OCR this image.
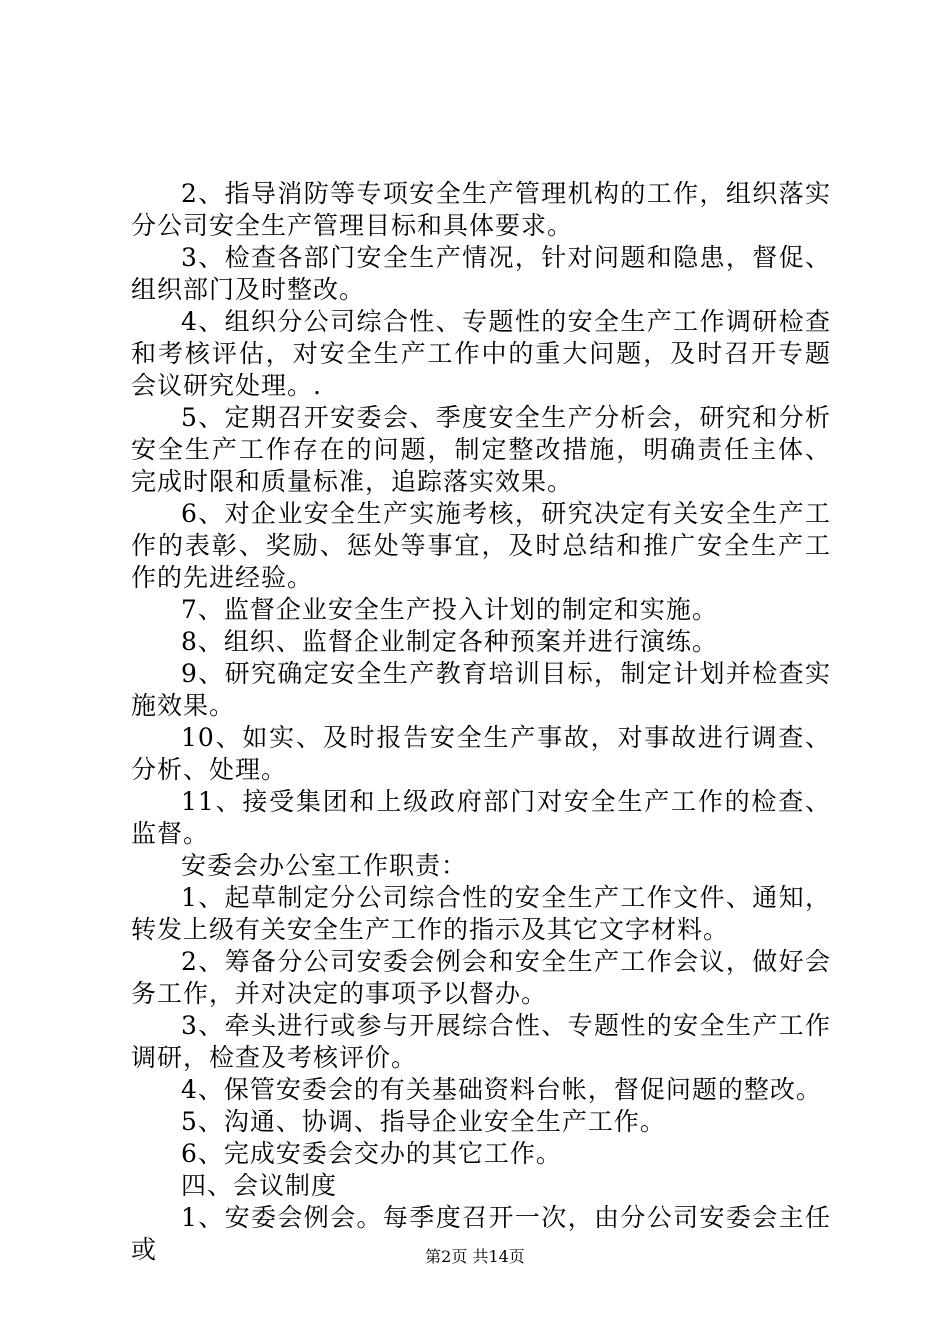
2、指导消防等专项安全生产管理机构的工作，组织落实分公司安全生产管理目标和具体要求。

3、检查各部门安全生产情况，针对问题和隐患，督促、组织部门及时整改。

4、组织分公司综合性、专题性的安全生产工作调研检查和考核评估，对安全生产工作中的重大问题，及时召开专题会议研究处理。.

5、定期召开安委会、季度安全生产分析会，研究和分析安全生产工作存在的问题，制定整改措施，明确责任主体、完成时限和质量标准，追踪落实效果。

6、对企业安全生产实施考核，研究决定有关安全生产工作的表彰、奖励、惩处等事宜，及时总结和推广安全生产工作的先进经验。

7、监督企业安全生产投入计划的制定和实施。

8、组织、监督企业制定各种预案并进行演练。

9、研究确定安全生产教育培训目标，制定计划并检查实施效果。

10、如实、及时报告安全生产事故，对事故进行调查、分析、处理。

11、接受集团和上级政府部门对安全生产工作的检查、监督。

安委会办公室工作职责：

1、起草制定分公司综合性的安全生产工作文件、通知，转发上级有关安全生产工作的指示及其它文字材料。

2、筹备分公司安委会例会和安全生产工作会议，做好会务工作，并对决定的事项予以督办。

3、牵头进行或参与开展综合性、专题性的安全生产工作调研，检查及考核评价。

4、保管安委会的有关基础资料台帐，督促问题的整改。

5、沟通、协调、指导企业安全生产工作。

6、完成安委会交办的其它工作。

四、会议制度

1、安委会例会。每季度召开一次，由分公司安委会主任或	第2页 共14页
